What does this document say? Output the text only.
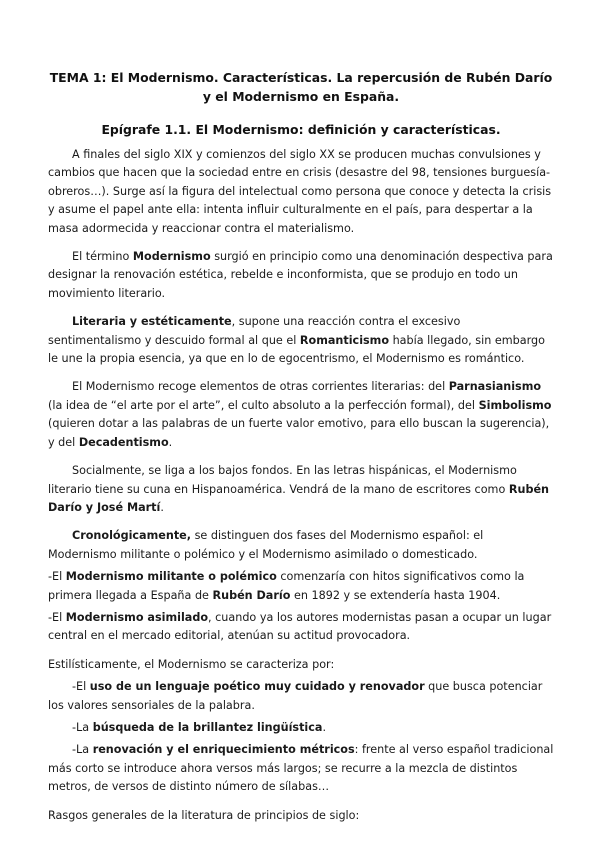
TEMA 1: El Modernismo. Características. La repercusión de Rubén Darío y el Modernismo en España.
Epígrafe 1.1. El Modernismo: definición y características.

A finales del siglo XIX y comienzos del siglo XX se producen muchas convulsiones y cambios que hacen que la sociedad entre en crisis (desastre del 98, tensiones burguesía-obreros…). Surge así la figura del intelectual como persona que conoce y detecta la crisis y asume el papel ante ella: intenta influir culturalmente en el país, para despertar a la masa adormecida y reaccionar contra el materialismo.

El término Modernismo surgió en principio como una denominación despectiva para designar la renovación estética, rebelde e inconformista, que se produjo en todo un movimiento literario.

Literaria y estéticamente, supone una reacción contra el excesivo sentimentalismo y descuido formal al que el Romanticismo había llegado, sin embargo le une la propia esencia, ya que en lo de egocentrismo, el Modernismo es romántico.

El Modernismo recoge elementos de otras corrientes literarias: del Parnasianismo (la idea de “el arte por el arte”, el culto absoluto a la perfección formal), del Simbolismo (quieren dotar a las palabras de un fuerte valor emotivo, para ello buscan la sugerencia), y del Decadentismo.

Socialmente, se liga a los bajos fondos. En las letras hispánicas, el Modernismo literario tiene su cuna en Hispanoamérica. Vendrá de la mano de escritores como Rubén Darío y José Martí.

Cronológicamente, se distinguen dos fases del Modernismo español: el Modernismo militante o polémico y el Modernismo asimilado o domesticado.

-El Modernismo militante o polémico comenzaría con hitos significativos como la primera llegada a España de Rubén Darío en 1892 y se extendería hasta 1904.

-El Modernismo asimilado, cuando ya los autores modernistas pasan a ocupar un lugar central en el mercado editorial, atenúan su actitud provocadora.

Estilísticamente, el Modernismo se caracteriza por:

-El uso de un lenguaje poético muy cuidado y renovador que busca potenciar los valores sensoriales de la palabra.

-La búsqueda de la brillantez lingüística.

-La renovación y el enriquecimiento métricos: frente al verso español tradicional más corto se introduce ahora versos más largos; se recurre a la mezcla de distintos metros, de versos de distinto número de sílabas…

Rasgos generales de la literatura de principios de siglo:
